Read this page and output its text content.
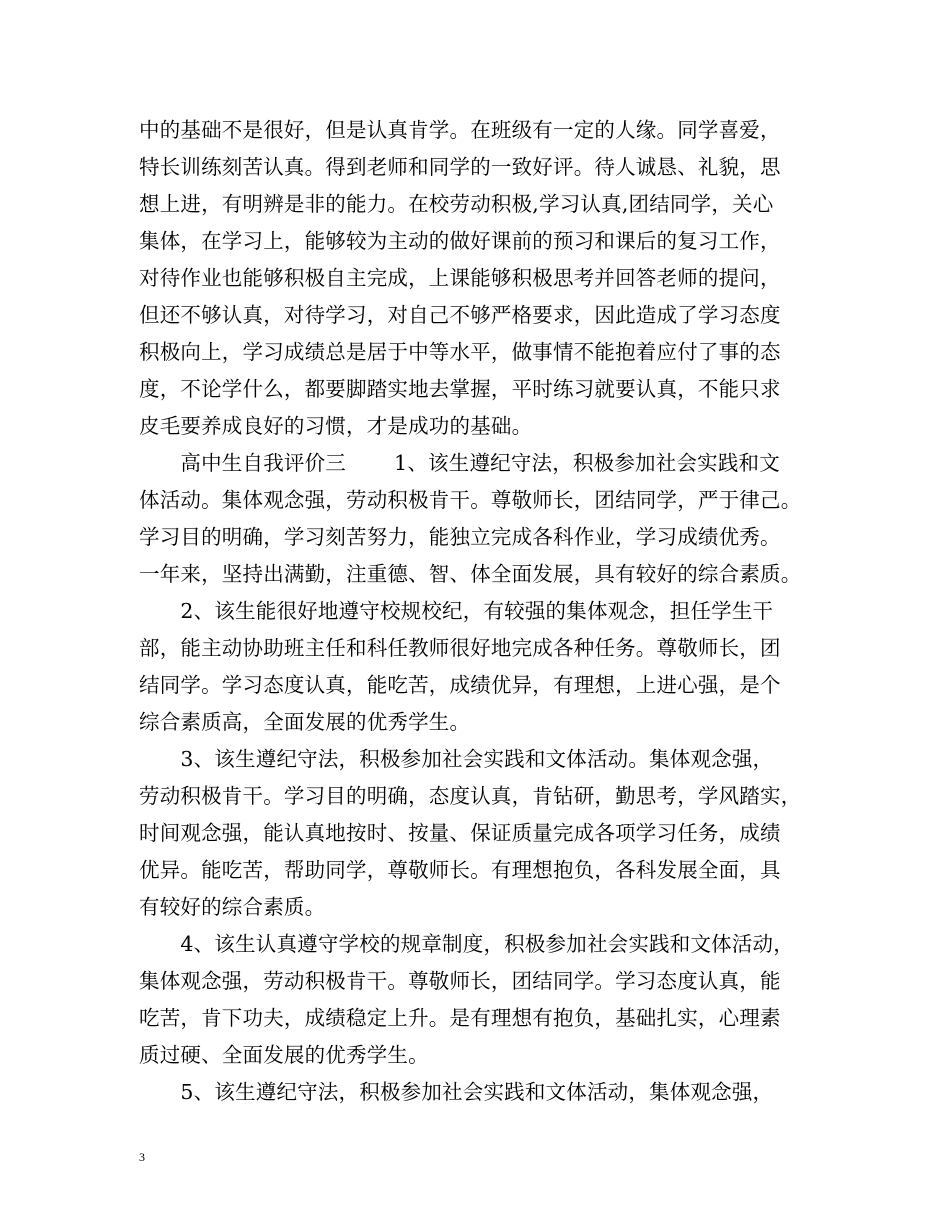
中的基础不是很好，但是认真肯学。在班级有一定的人缘。同学喜爱，
特长训练刻苦认真。得到老师和同学的一致好评。待人诚恳、礼貌，思
想上进，有明辨是非的能力。在校劳动积极,学习认真,团结同学，关心
集体，在学习上，能够较为主动的做好课前的预习和课后的复习工作，
对待作业也能够积极自主完成，上课能够积极思考并回答老师的提问，
但还不够认真，对待学习，对自己不够严格要求，因此造成了学习态度
积极向上，学习成绩总是居于中等水平，做事情不能抱着应付了事的态
度，不论学什么，都要脚踏实地去掌握，平时练习就要认真，不能只求
皮毛要养成良好的习惯，才是成功的基础。
　　高中生自我评价三　　 1、该生遵纪守法，积极参加社会实践和文
体活动。集体观念强，劳动积极肯干。尊敬师长，团结同学，严于律己。
学习目的明确，学习刻苦努力，能独立完成各科作业，学习成绩优秀。
一年来，坚持出满勤，注重德、智、体全面发展，具有较好的综合素质。
　　2、该生能很好地遵守校规校纪，有较强的集体观念，担任学生干
部，能主动协助班主任和科任教师很好地完成各种任务。尊敬师长，团
结同学。学习态度认真，能吃苦，成绩优异，有理想，上进心强，是个
综合素质高，全面发展的优秀学生。
　　3、该生遵纪守法，积极参加社会实践和文体活动。集体观念强，
劳动积极肯干。学习目的明确，态度认真，肯钻研，勤思考，学风踏实，
时间观念强，能认真地按时、按量、保证质量完成各项学习任务，成绩
优异。能吃苦，帮助同学，尊敬师长。有理想抱负，各科发展全面，具
有较好的综合素质。
　　4、该生认真遵守学校的规章制度，积极参加社会实践和文体活动，
集体观念强，劳动积极肯干。尊敬师长，团结同学。学习态度认真，能
吃苦，肯下功夫，成绩稳定上升。是有理想有抱负，基础扎实，心理素
质过硬、全面发展的优秀学生。
　　5、该生遵纪守法，积极参加社会实践和文体活动，集体观念强，
3
